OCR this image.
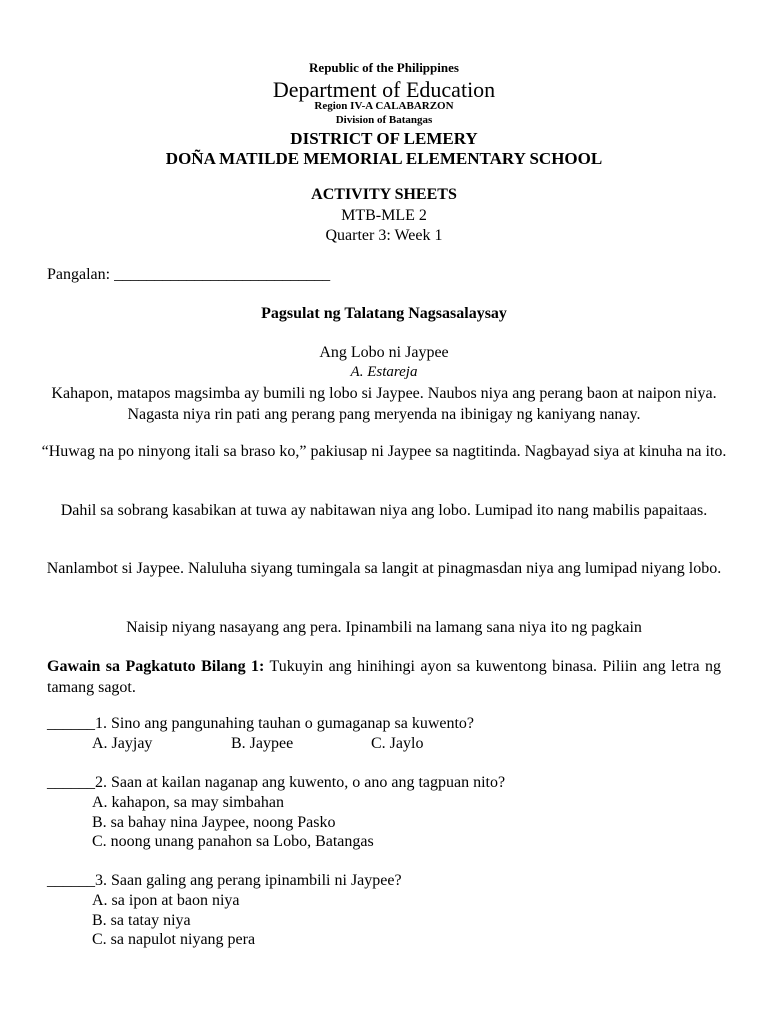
Republic of the Philippines
Department of Education
Region IV-A CALABARZON
Division of Batangas
DISTRICT OF LEMERY
DOÑA MATILDE MEMORIAL ELEMENTARY SCHOOL
ACTIVITY SHEETS
MTB-MLE 2
Quarter 3: Week 1
Pangalan: ___________________________
Pagsulat ng Talatang Nagsasalaysay
Ang Lobo ni Jaypee
A. Estareja
Kahapon, matapos magsimba ay bumili ng lobo si Jaypee. Naubos niya ang perang baon at naipon niya. Nagasta niya rin pati ang perang pang meryenda na ibinigay ng kaniyang nanay.
“Huwag na po ninyong itali sa braso ko,” pakiusap ni Jaypee sa nagtitinda. Nagbayad siya at kinuha na ito.
Dahil sa sobrang kasabikan at tuwa ay nabitawan niya ang lobo. Lumipad ito nang mabilis papaitaas.
Nanlambot si Jaypee. Naluluha siyang tumingala sa langit at pinagmasdan niya ang lumipad niyang lobo.
Naisip niyang nasayang ang pera. Ipinambili na lamang sana niya ito ng pagkain
Gawain sa Pagkatuto Bilang 1: Tukuyin ang hinihingi ayon sa kuwentong binasa. Piliin ang letra ng tamang sagot.
______1. Sino ang pangunahing tauhan o gumaganap sa kuwento?
A. Jayjay	B. Jaypee	C. Jaylo
______2. Saan at kailan naganap ang kuwento, o ano ang tagpuan nito?
A. kahapon, sa may simbahan
B. sa bahay nina Jaypee, noong Pasko
C. noong unang panahon sa Lobo, Batangas
______3. Saan galing ang perang ipinambili ni Jaypee?
A. sa ipon at baon niya
B. sa tatay niya
C. sa napulot niyang pera
